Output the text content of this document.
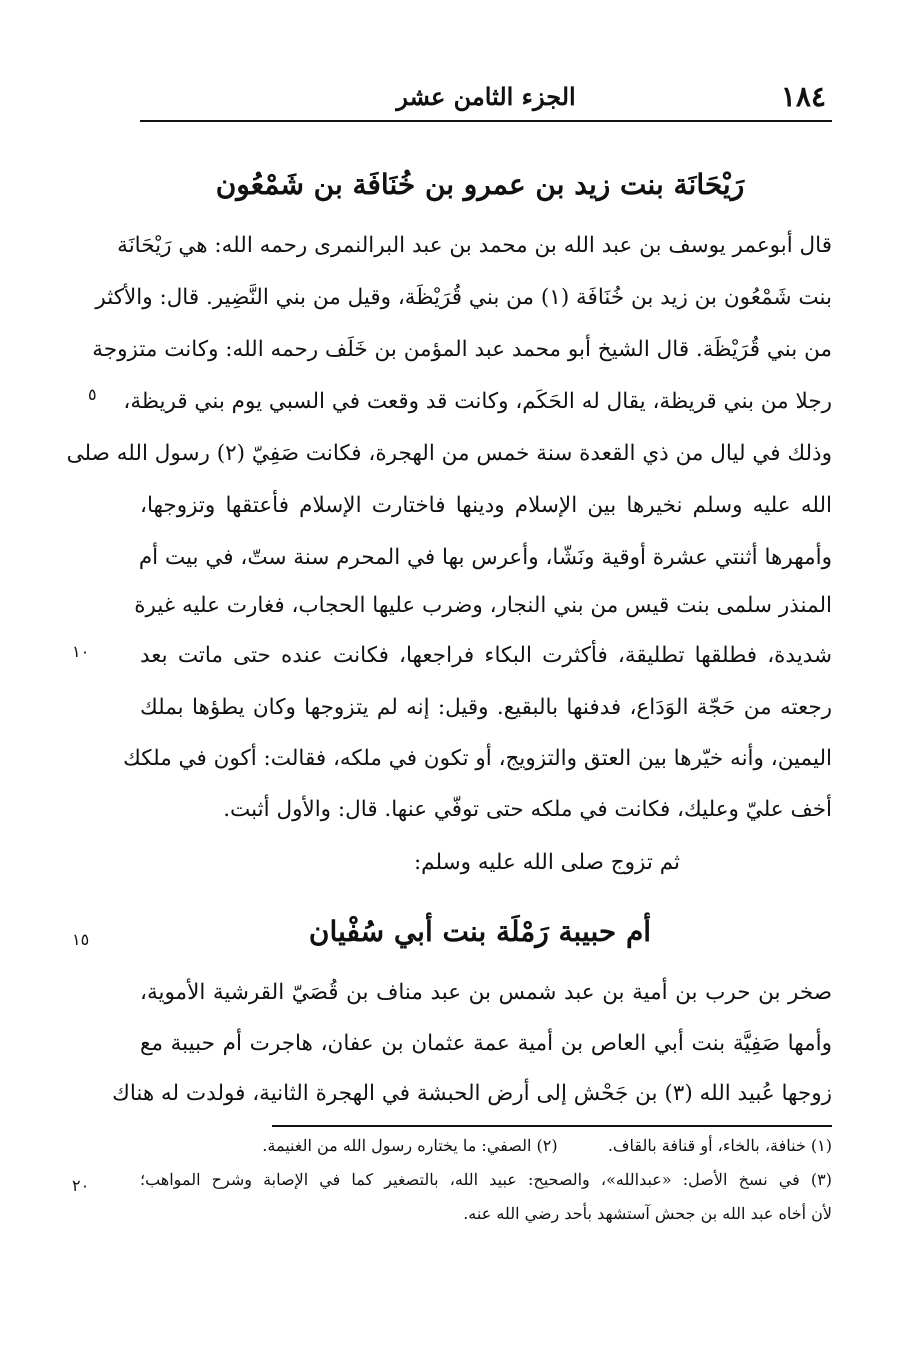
١٨٤
الجزء الثامن عشر
رَيْحَانَة بنت زيد بن عمرو بن خُنَافَة بن شَمْعُون
قال أبوعمر يوسف بن عبد الله بن محمد بن عبد البرالنمرى رحمه الله: هي رَيْحَانَة
بنت شَمْعُون بن زيد بن خُنَافَة (١) من بني قُرَيْظَة، وقيل من بني النَّضِير. قال: والأكثر
من بني قُرَيْظَة. قال الشيخ أبو محمد عبد المؤمن بن خَلَف رحمه الله: وكانت متزوجة
رجلا من بني قريظة، يقال له الحَكَم، وكانت قد وقعت في السبي يوم بني قريظة،
وذلك في ليال من ذي القعدة سنة خمس من الهجرة، فكانت صَفِيّ (٢) رسول الله صلى
الله عليه وسلم نخيرها بين الإسلام ودينها فاختارت الإسلام فأعتقها وتزوجها،
وأمهرها أثنتي عشرة أوقية ونَشّا، وأعرس بها في المحرم سنة ستّ، في بيت أم
المنذر سلمى بنت قيس من بني النجار، وضرب عليها الحجاب، فغارت عليه غيرة
شديدة، فطلقها تطليقة، فأكثرت البكاء فراجعها، فكانت عنده حتى ماتت بعد
رجعته من حَجّة الوَدَاع، فدفنها بالبقيع. وقيل: إنه لم يتزوجها وكان يطؤها بملك
اليمين، وأنه خيّرها بين العتق والتزويج، أو تكون في ملكه، فقالت: أكون في ملكك
أخف عليّ وعليك، فكانت في ملكه حتى توفّي عنها. قال: والأول أثبت.
ثم تزوج صلى الله عليه وسلم:
أم حبيبة رَمْلَة بنت أبي سُفْيان
صخر بن حرب بن أمية بن عبد شمس بن عبد مناف بن قُصَيّ القرشية الأموية،
وأمها صَفِيَّة بنت أبي العاص بن أمية عمة عثمان بن عفان، هاجرت أم حبيبة مع
زوجها عُبيد الله (٣) بن جَحْش إلى أرض الحبشة في الهجرة الثانية، فولدت له هناك
(١) خنافة، بالخاء، أو قنافة بالقاف.  (٢) الصفي: ما يختاره رسول الله من الغنيمة.
(٣) في نسخ الأصل: «عبدالله»، والصحيح: عبيد الله، بالتصغير كما في الإصابة وشرح المواهب؛
لأن أخاه عبد الله بن جحش آستشهد بأحد رضي الله عنه.
٥
١٠
١٥
٢٠
